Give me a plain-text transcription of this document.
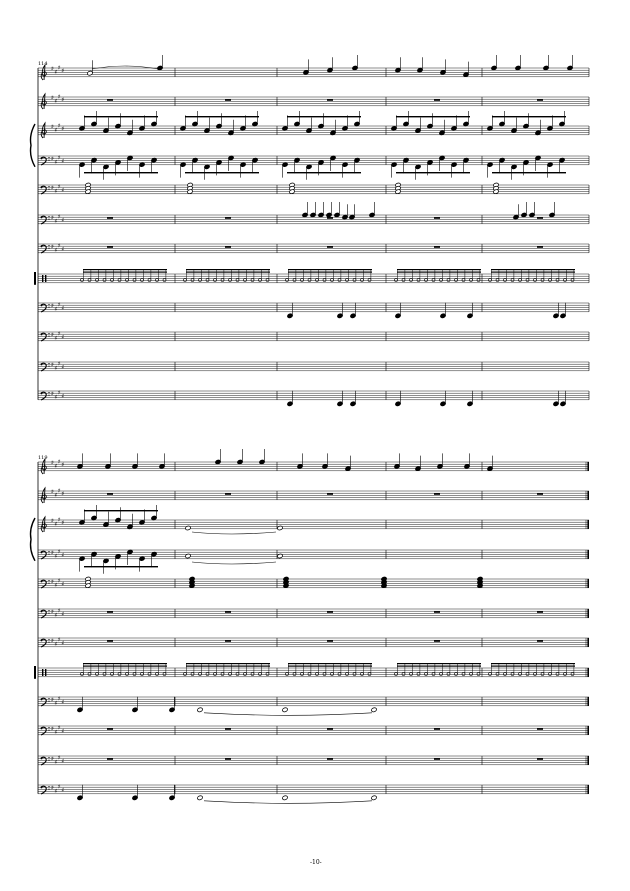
♯ ♯
♯ ♯
♯ ♯
♯ ♯
♯ ♯
♯ ♯
♯ ♯
♯ ♯
♯ ♯
♯ ♯
♯ ♯
♯ ♯
♯ ♯
♯ ♯
♯ ♯
♯ ♯
♯ ♯
♯ ♯
♯ ♯
♯ ♯
♯ ♯
♯ ♯
♯ ♯
♯ ♯
♯ ♯
♯ ♯
♯ ♯
♯ ♯
♯ ♯
♯ ♯
♯ ♯
♯ ♯
♯ ♯
♯ ♯
♯ ♯
♯ ♯
♯ ♯
♯ ♯
♯ ♯
♯ ♯
♯ ♯
♯ ♯
♯ ♯
♯ ♯
114
119
-10-
